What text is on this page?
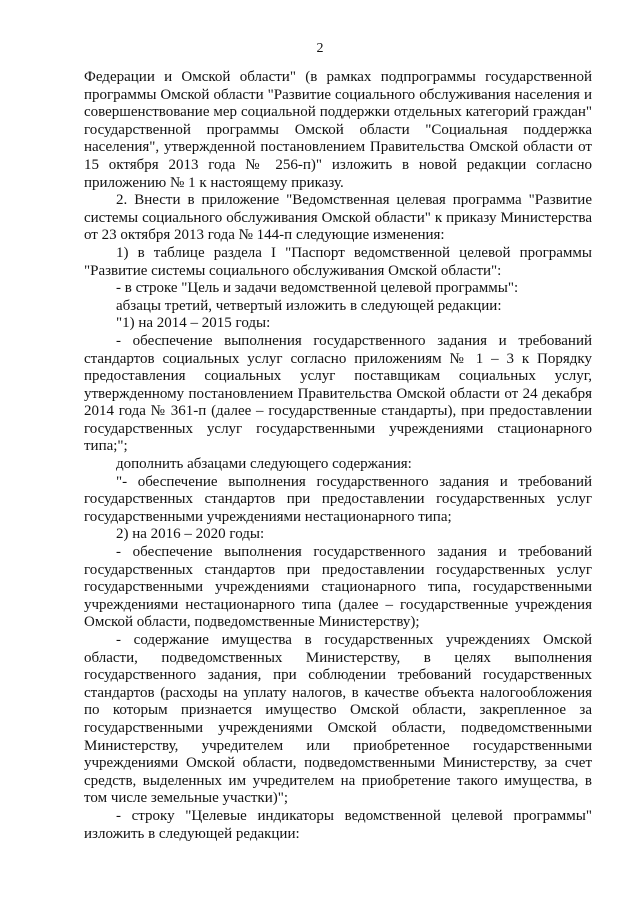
2

Федерации и Омской области" (в рамках подпрограммы государственной программы Омской области "Развитие социального обслуживания населения и совершенствование мер социальной поддержки отдельных категорий граждан" государственной программы Омской области "Социальная поддержка населения", утвержденной постановлением Правительства Омской области от 15 октября 2013 года № 256-п)" изложить в новой редакции согласно приложению № 1 к настоящему приказу.

2. Внести в приложение "Ведомственная целевая программа "Развитие системы социального обслуживания Омской области" к приказу Министерства от 23 октября 2013 года № 144-п следующие изменения:

1) в таблице раздела I "Паспорт ведомственной целевой программы "Развитие системы социального обслуживания Омской области":

- в строке "Цель и задачи ведомственной целевой программы":

абзацы третий, четвертый изложить в следующей редакции:

"1) на 2014 – 2015 годы:

- обеспечение выполнения государственного задания и требований стандартов социальных услуг согласно приложениям № 1 – 3 к Порядку предоставления социальных услуг поставщикам социальных услуг, утвержденному постановлением Правительства Омской области от 24 декабря 2014 года № 361-п (далее – государственные стандарты), при предоставлении государственных услуг государственными учреждениями стационарного типа;";

дополнить абзацами следующего содержания:

"- обеспечение выполнения государственного задания и требований государственных стандартов при предоставлении государственных услуг государственными учреждениями нестационарного типа;

2) на 2016 – 2020 годы:

- обеспечение выполнения государственного задания и требований государственных стандартов при предоставлении государственных услуг государственными учреждениями стационарного типа, государственными учреждениями нестационарного типа (далее – государственные учреждения Омской области, подведомственные Министерству);

- содержание имущества в государственных учреждениях Омской области, подведомственных Министерству, в целях выполнения государственного задания, при соблюдении требований государственных стандартов (расходы на уплату налогов, в качестве объекта налогообложения по которым признается имущество Омской области, закрепленное за государственными учреждениями Омской области, подведомственными Министерству, учредителем или приобретенное государственными учреждениями Омской области, подведомственными Министерству, за счет средств, выделенных им учредителем на приобретение такого имущества, в том числе земельные участки)";

- строку "Целевые индикаторы ведомственной целевой программы" изложить в следующей редакции:
